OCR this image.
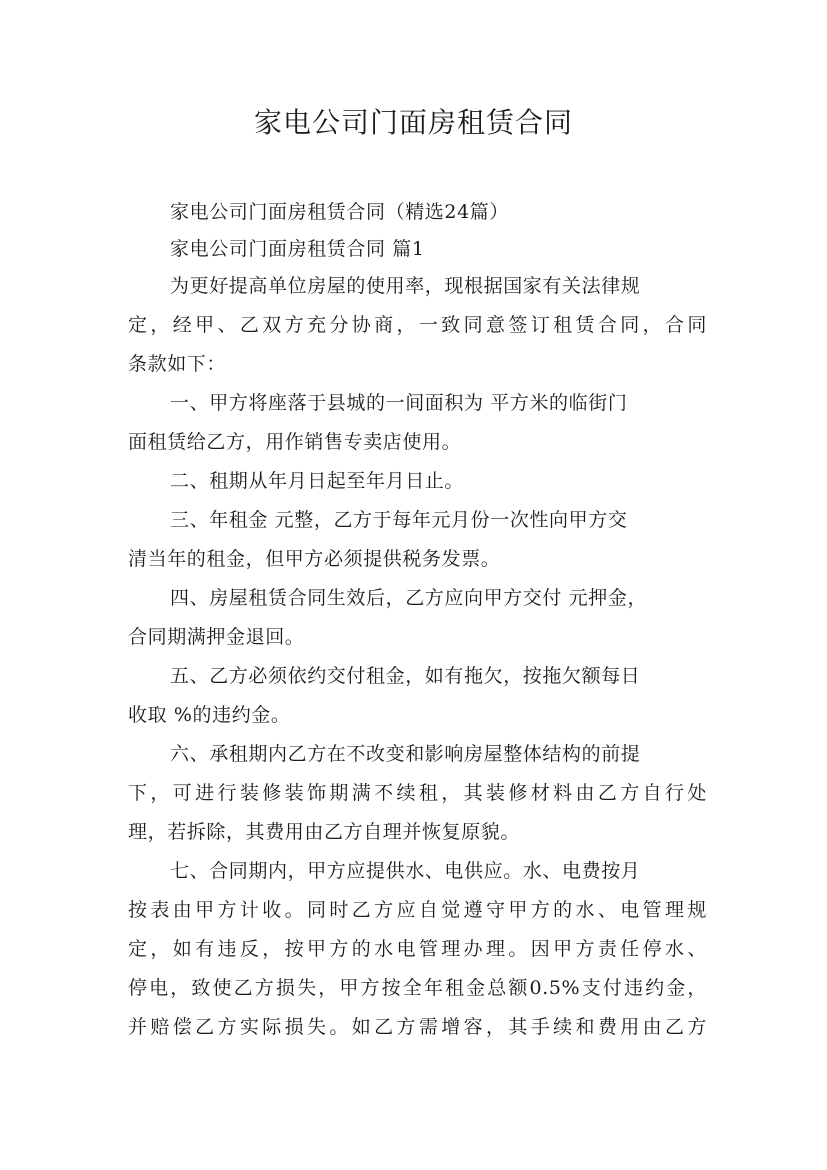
家电公司门面房租赁合同

家电公司门面房租赁合同（精选24篇）

家电公司门面房租赁合同 篇1

为更好提高单位房屋的使用率，现根据国家有关法律规

定，经甲、乙双方充分协商，一致同意签订租赁合同，合同

条款如下：

一、甲方将座落于县城的一间面积为 平方米的临街门

面租赁给乙方，用作销售专卖店使用。

二、租期从年月日起至年月日止。

三、年租金 元整，乙方于每年元月份一次性向甲方交

清当年的租金，但甲方必须提供税务发票。

四、房屋租赁合同生效后，乙方应向甲方交付 元押金，

合同期满押金退回。

五、乙方必须依约交付租金，如有拖欠，按拖欠额每日

收取 %的违约金。

六、承租期内乙方在不改变和影响房屋整体结构的前提

下，可进行装修装饰期满不续租，其装修材料由乙方自行处

理，若拆除，其费用由乙方自理并恢复原貌。

七、合同期内，甲方应提供水、电供应。水、电费按月

按表由甲方计收。同时乙方应自觉遵守甲方的水、电管理规

定，如有违反，按甲方的水电管理办理。因甲方责任停水、

停电，致使乙方损失，甲方按全年租金总额0.5%支付违约金，

并赔偿乙方实际损失。如乙方需增容，其手续和费用由乙方
